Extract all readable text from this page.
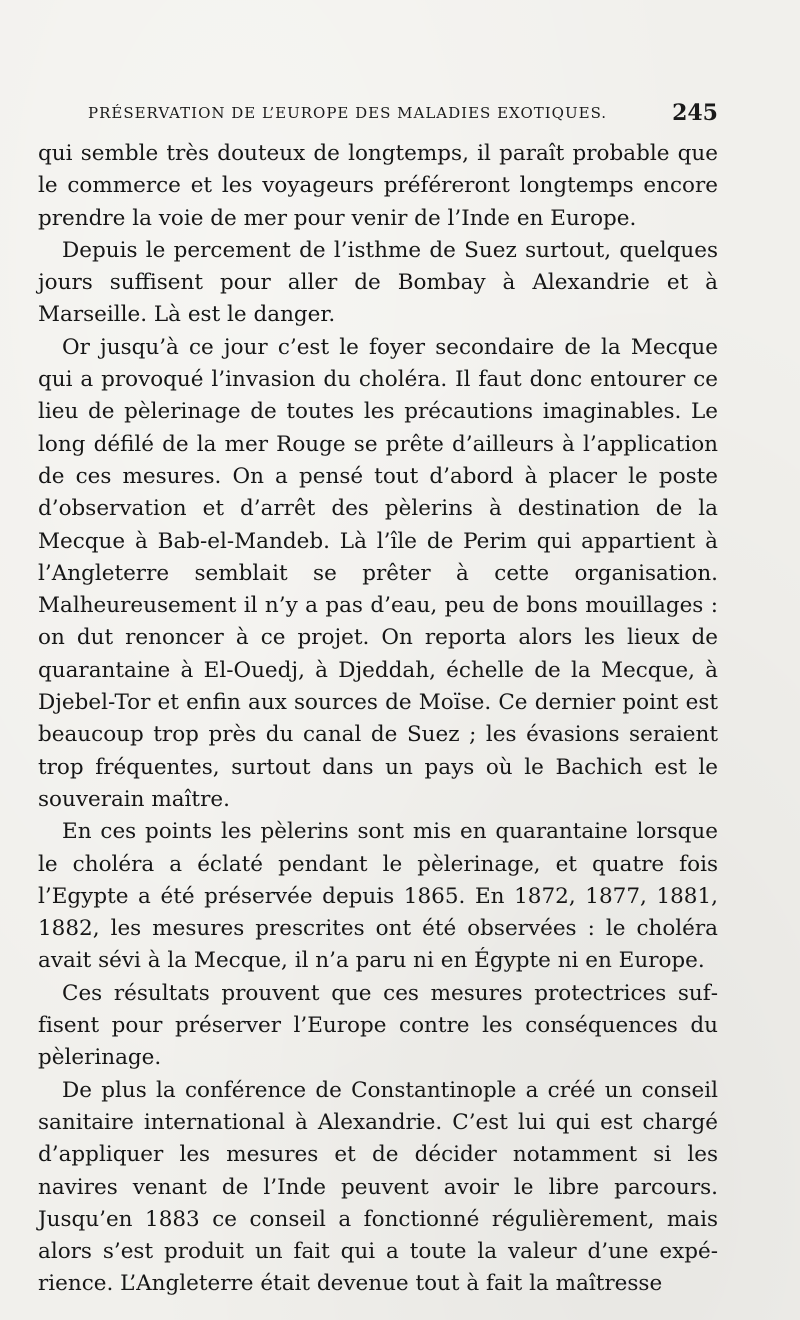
PRÉSERVATION DE L’EUROPE DES MALADIES EXOTIQUES.	245

qui semble très douteux de longtemps, il paraît probable que le commerce et les voyageurs préféreront longtemps encore prendre la voie de mer pour venir de l’Inde en Europe.

Depuis le percement de l’isthme de Suez surtout, quelques jours suffisent pour aller de Bombay à Alexandrie et à Marseille. Là est le danger.

Or jusqu’à ce jour c’est le foyer secondaire de la Mecque qui a provoqué l’invasion du choléra. Il faut donc entourer ce lieu de pèlerinage de toutes les précautions imaginables. Le long défilé de la mer Rouge se prête d’ailleurs à l’application de ces mesures. On a pensé tout d’abord à placer le poste d’observation et d’arrêt des pèlerins à destination de la Mecque à Bab-el-Mandeb. Là l’île de Perim qui appartient à l’Angleterre semblait se prêter à cette organisation. Malheureusement il n’y a pas d’eau, peu de bons mouillages : on dut renoncer à ce projet. On reporta alors les lieux de quarantaine à El-Ouedj, à Djeddah, échelle de la Mecque, à Djebel-Tor et enfin aux sources de Moïse. Ce dernier point est beaucoup trop près du canal de Suez ; les évasions seraient trop fréquentes, surtout dans un pays où le Bachich est le souverain maître.

En ces points les pèlerins sont mis en quarantaine lorsque le choléra a éclaté pendant le pèlerinage, et quatre fois l’Egypte a été préservée depuis 1865. En 1872, 1877, 1881, 1882, les mesures prescrites ont été observées : le choléra avait sévi à la Mecque, il n’a paru ni en Égypte ni en Europe.

Ces résultats prouvent que ces mesures protectrices suffisent pour préserver l’Europe contre les conséquences du pèlerinage.

De plus la conférence de Constantinople a créé un conseil sanitaire international à Alexandrie. C’est lui qui est chargé d’appliquer les mesures et de décider notamment si les navires venant de l’Inde peuvent avoir le libre parcours. Jusqu’en 1883 ce conseil a fonctionné régulièrement, mais alors s’est produit un fait qui a toute la valeur d’une expérience. L’Angleterre était devenue tout à fait la maîtresse
